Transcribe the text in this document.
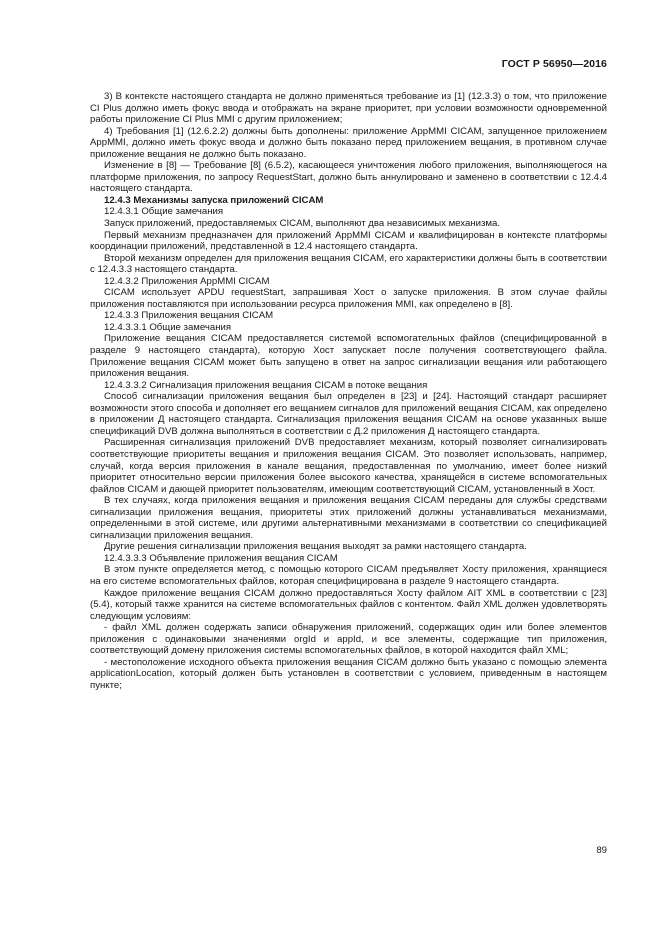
ГОСТ Р 56950—2016

3) В контексте настоящего стандарта не должно применяться требование из [1] (12.3.3) о том, что приложение CI Plus должно иметь фокус ввода и отображать на экране приоритет, при условии возможности одновременной работы приложение CI Plus MMI с другим приложением;

4) Требования [1] (12.6.2.2) должны быть дополнены: приложение AppMMI CICAM, запущенное приложением AppMMI, должно иметь фокус ввода и должно быть показано перед приложением вещания, в противном случае приложение вещания не должно быть показано.

Изменение в [8] — Требование [8] (6.5.2), касающееся уничтожения любого приложения, выполняющегося на платформе приложения, по запросу RequestStart, должно быть аннулировано и заменено в соответствии с 12.4.4 настоящего стандарта.

12.4.3 Механизмы запуска приложений CICAM

12.4.3.1 Общие замечания

Запуск приложений, предоставляемых CICAM, выполняют два независимых механизма.

Первый механизм предназначен для приложений AppMMI CICAM и квалифицирован в контексте платформы координации приложений, представленной в 12.4 настоящего стандарта.

Второй механизм определен для приложения вещания CICAM, его характеристики должны быть в соответствии с 12.4.3.3 настоящего стандарта.

12.4.3.2 Приложения AppMMI CICAM

CICAM использует APDU requestStart, запрашивая Хост о запуске приложения. В этом случае файлы приложения поставляются при использовании ресурса приложения MMI, как определено в [8].

12.4.3.3 Приложения вещания CICAM

12.4.3.3.1 Общие замечания

Приложение вещания CICAM предоставляется системой вспомогательных файлов (специфицированной в разделе 9 настоящего стандарта), которую Хост запускает после получения соответствующего файла. Приложение вещания CICAM может быть запущено в ответ на запрос сигнализации вещания или работающего приложения вещания.

12.4.3.3.2 Сигнализация приложения вещания CICAM в потоке вещания

Способ сигнализации приложения вещания был определен в [23] и [24]. Настоящий стандарт расширяет возможности этого способа и дополняет его вещанием сигналов для приложений вещания CICAM, как определено в приложении Д настоящего стандарта. Сигнализация приложения вещания CICAM на основе указанных выше спецификаций DVB должна выполняться в соответствии с Д.2 приложения Д настоящего стандарта.

Расширенная сигнализация приложений DVB предоставляет механизм, который позволяет сигнализировать соответствующие приоритеты вещания и приложения вещания CICAM. Это позволяет использовать, например, случай, когда версия приложения в канале вещания, предоставленная по умолчанию, имеет более низкий приоритет относительно версии приложения более высокого качества, хранящейся в системе вспомогательных файлов CICAM и дающей приоритет пользователям, имеющим соответствующий CICAM, установленный в Хост.

В тех случаях, когда приложения вещания и приложения вещания CICAM переданы для службы средствами сигнализации приложения вещания, приоритеты этих приложений должны устанавливаться механизмами, определенными в этой системе, или другими альтернативными механизмами в соответствии со спецификацией сигнализации приложения вещания.

Другие решения сигнализации приложения вещания выходят за рамки настоящего стандарта.

12.4.3.3.3 Объявление приложения вещания CICAM

В этом пункте определяется метод, с помощью которого CICAM предъявляет Хосту приложения, хранящиеся на его системе вспомогательных файлов, которая специфицирована в разделе 9 настоящего стандарта.

Каждое приложение вещания CICAM должно предоставляться Хосту файлом AIT XML в соответствии с [23] (5.4), который также хранится на системе вспомогательных файлов с контентом. Файл XML должен удовлетворять следующим условиям:

- файл XML должен содержать записи обнаружения приложений, содержащих один или более элементов приложения с одинаковыми значениями orgId и appId, и все элементы, содержащие тип приложения, соответствующий домену приложения системы вспомогательных файлов, в которой находится файл XML;

- местоположение исходного объекта приложения вещания CICAM должно быть указано с помощью элемента applicationLocation, который должен быть установлен в соответствии с условием, приведенным в настоящем пункте;

89
